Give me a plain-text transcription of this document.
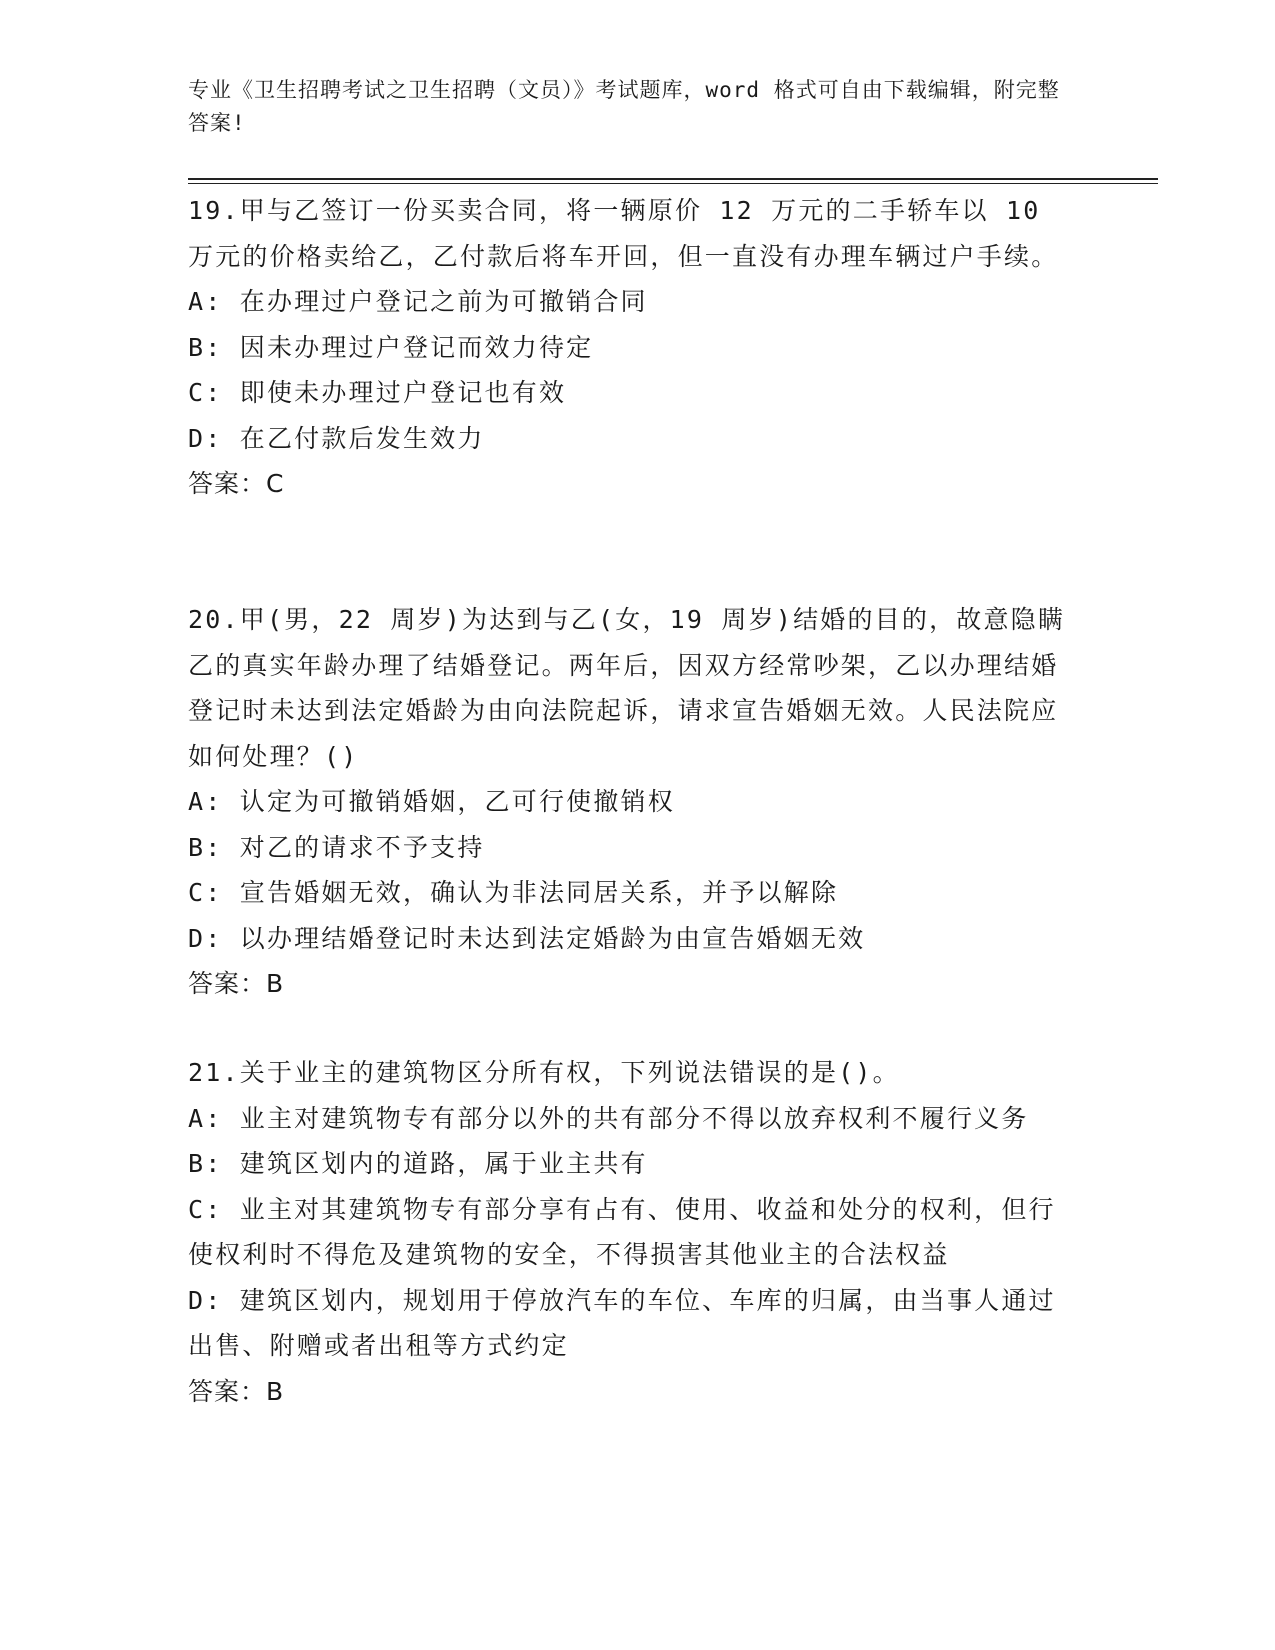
专业《卫生招聘考试之卫生招聘（文员）》考试题库，word 格式可自由下载编辑，附完整答案!

19.甲与乙签订一份买卖合同，将一辆原价 12 万元的二手轿车以 10 万元的价格卖给乙，乙付款后将车开回，但一直没有办理车辆过户手续。

A: 在办理过户登记之前为可撤销合同

B: 因未办理过户登记而效力待定

C: 即使未办理过户登记也有效

D: 在乙付款后发生效力

答案：C

20.甲(男，22 周岁)为达到与乙(女，19 周岁)结婚的目的，故意隐瞒乙的真实年龄办理了结婚登记。两年后，因双方经常吵架，乙以办理结婚登记时未达到法定婚龄为由向法院起诉，请求宣告婚姻无效。人民法院应如何处理？()

A: 认定为可撤销婚姻，乙可行使撤销权

B: 对乙的请求不予支持

C: 宣告婚姻无效，确认为非法同居关系，并予以解除

D: 以办理结婚登记时未达到法定婚龄为由宣告婚姻无效

答案：B

21.关于业主的建筑物区分所有权，下列说法错误的是()。

A: 业主对建筑物专有部分以外的共有部分不得以放弃权利不履行义务

B: 建筑区划内的道路，属于业主共有

C: 业主对其建筑物专有部分享有占有、使用、收益和处分的权利，但行使权利时不得危及建筑物的安全，不得损害其他业主的合法权益

D: 建筑区划内，规划用于停放汽车的车位、车库的归属，由当事人通过出售、附赠或者出租等方式约定

答案：B
